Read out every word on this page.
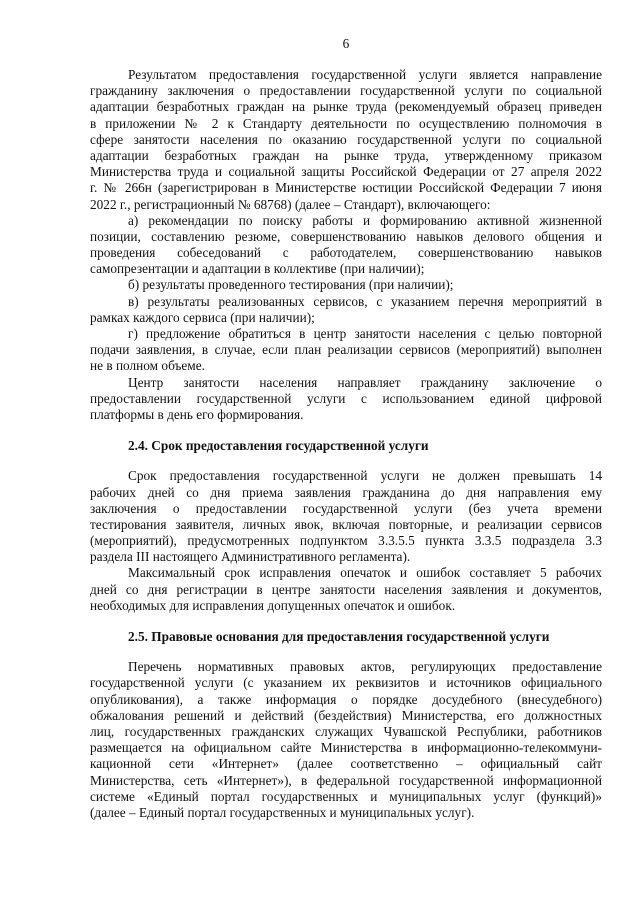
6
Результатом предоставления государственной услуги является направление
гражданину заключения о предоставлении государственной услуги по социальной
адаптации безработных граждан на рынке труда (рекомендуемый образец приведен
в приложении № 2 к Стандарту деятельности по осуществлению полномочия в
сфере занятости населения по оказанию государственной услуги по социальной
адаптации безработных граждан на рынке труда, утвержденному приказом
Министерства труда и социальной защиты Российской Федерации от 27 апреля 2022
г. № 266н (зарегистрирован в Министерстве юстиции Российской Федерации 7 июня
2022 г., регистрационный № 68768) (далее – Стандарт), включающего:
а) рекомендации по поиску работы и формированию активной жизненной
позиции, составлению резюме, совершенствованию навыков делового общения и
проведения собеседований с работодателем, совершенствованию навыков
самопрезентации и адаптации в коллективе (при наличии);
б) результаты проведенного тестирования (при наличии);
в) результаты реализованных сервисов, с указанием перечня мероприятий в
рамках каждого сервиса (при наличии);
г) предложение обратиться в центр занятости населения с целью повторной
подачи заявления, в случае, если план реализации сервисов (мероприятий) выполнен
не в полном объеме.
Центр занятости населения направляет гражданину заключение о
предоставлении государственной услуги с использованием единой цифровой
платформы в день его формирования.
2.4. Срок предоставления государственной услуги
Срок предоставления государственной услуги не должен превышать 14
рабочих дней со дня приема заявления гражданина до дня направления ему
заключения о предоставлении государственной услуги (без учета времени
тестирования заявителя, личных явок, включая повторные, и реализации сервисов
(мероприятий), предусмотренных подпунктом 3.3.5.5 пункта 3.3.5 подраздела 3.3
раздела III настоящего Административного регламента).
Максимальный срок исправления опечаток и ошибок составляет 5 рабочих
дней со дня регистрации в центре занятости населения заявления и документов,
необходимых для исправления допущенных опечаток и ошибок.
2.5. Правовые основания для предоставления государственной услуги
Перечень нормативных правовых актов, регулирующих предоставление
государственной услуги (с указанием их реквизитов и источников официального
опубликования), а также информация о порядке досудебного (внесудебного)
обжалования решений и действий (бездействия) Министерства, его должностных
лиц, государственных гражданских служащих Чувашской Республики, работников
размещается на официальном сайте Министерства в информационно-телекоммуни-
кационной сети «Интернет» (далее соответственно – официальный сайт
Министерства, сеть «Интернет»), в федеральной государственной информационной
системе «Единый портал государственных и муниципальных услуг (функций)»
(далее – Единый портал государственных и муниципальных услуг).
